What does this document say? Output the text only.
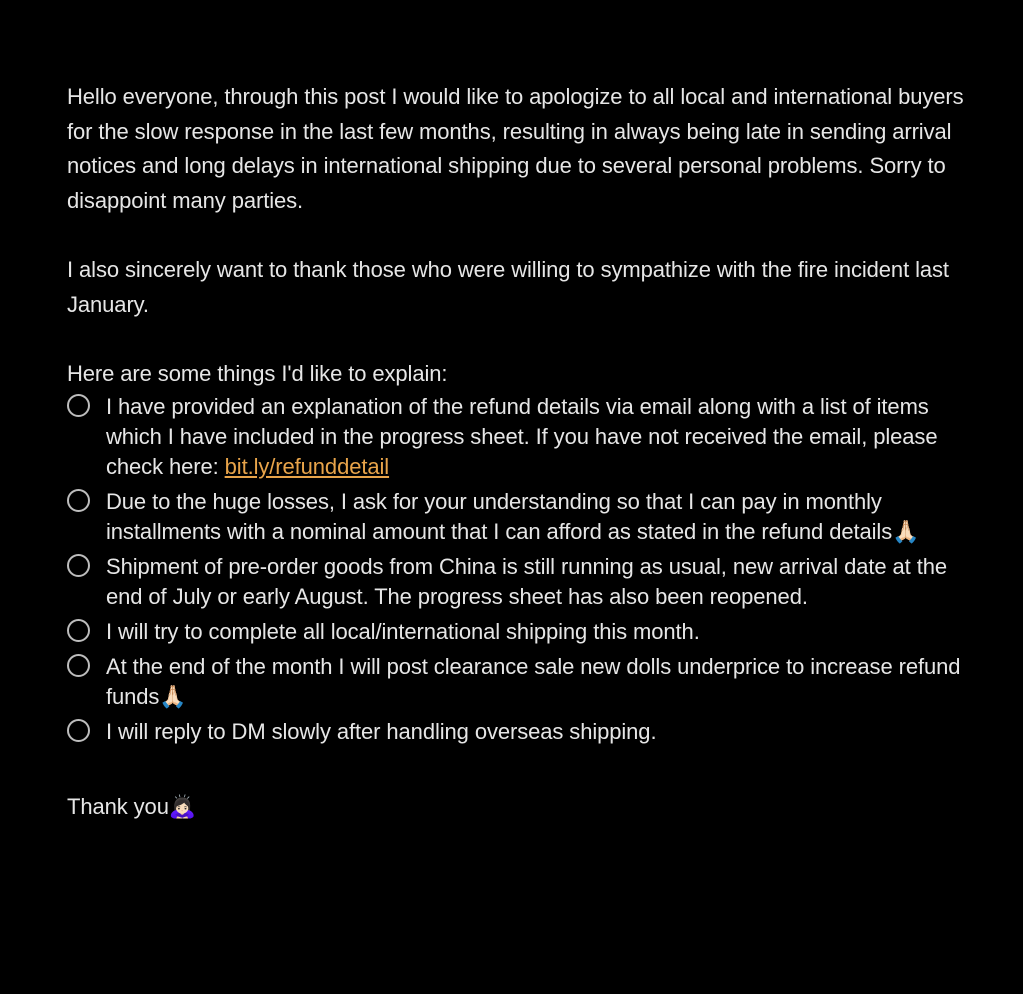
Hello everyone, through this post I would like to apologize to all local and international buyers for the slow response in the last few months, resulting in always being late in sending arrival notices and long delays in international shipping due to several personal problems. Sorry to disappoint many parties.

I also sincerely want to thank those who were willing to sympathize with the fire incident last January.

Here are some things I'd like to explain:

I have provided an explanation of the refund details via email along with a list of items which I have included in the progress sheet. If you have not received the email, please check here: bit.ly/refunddetail
Due to the huge losses, I ask for your understanding so that I can pay in monthly installments with a nominal amount that I can afford as stated in the refund details🙏🏻
Shipment of pre-order goods from China is still running as usual, new arrival date at the end of July or early August. The progress sheet has also been reopened.
I will try to complete all local/international shipping this month.
At the end of the month I will post clearance sale new dolls underprice to increase refund funds🙏🏻
I will reply to DM slowly after handling overseas shipping.

Thank you🙇🏻‍♀️
